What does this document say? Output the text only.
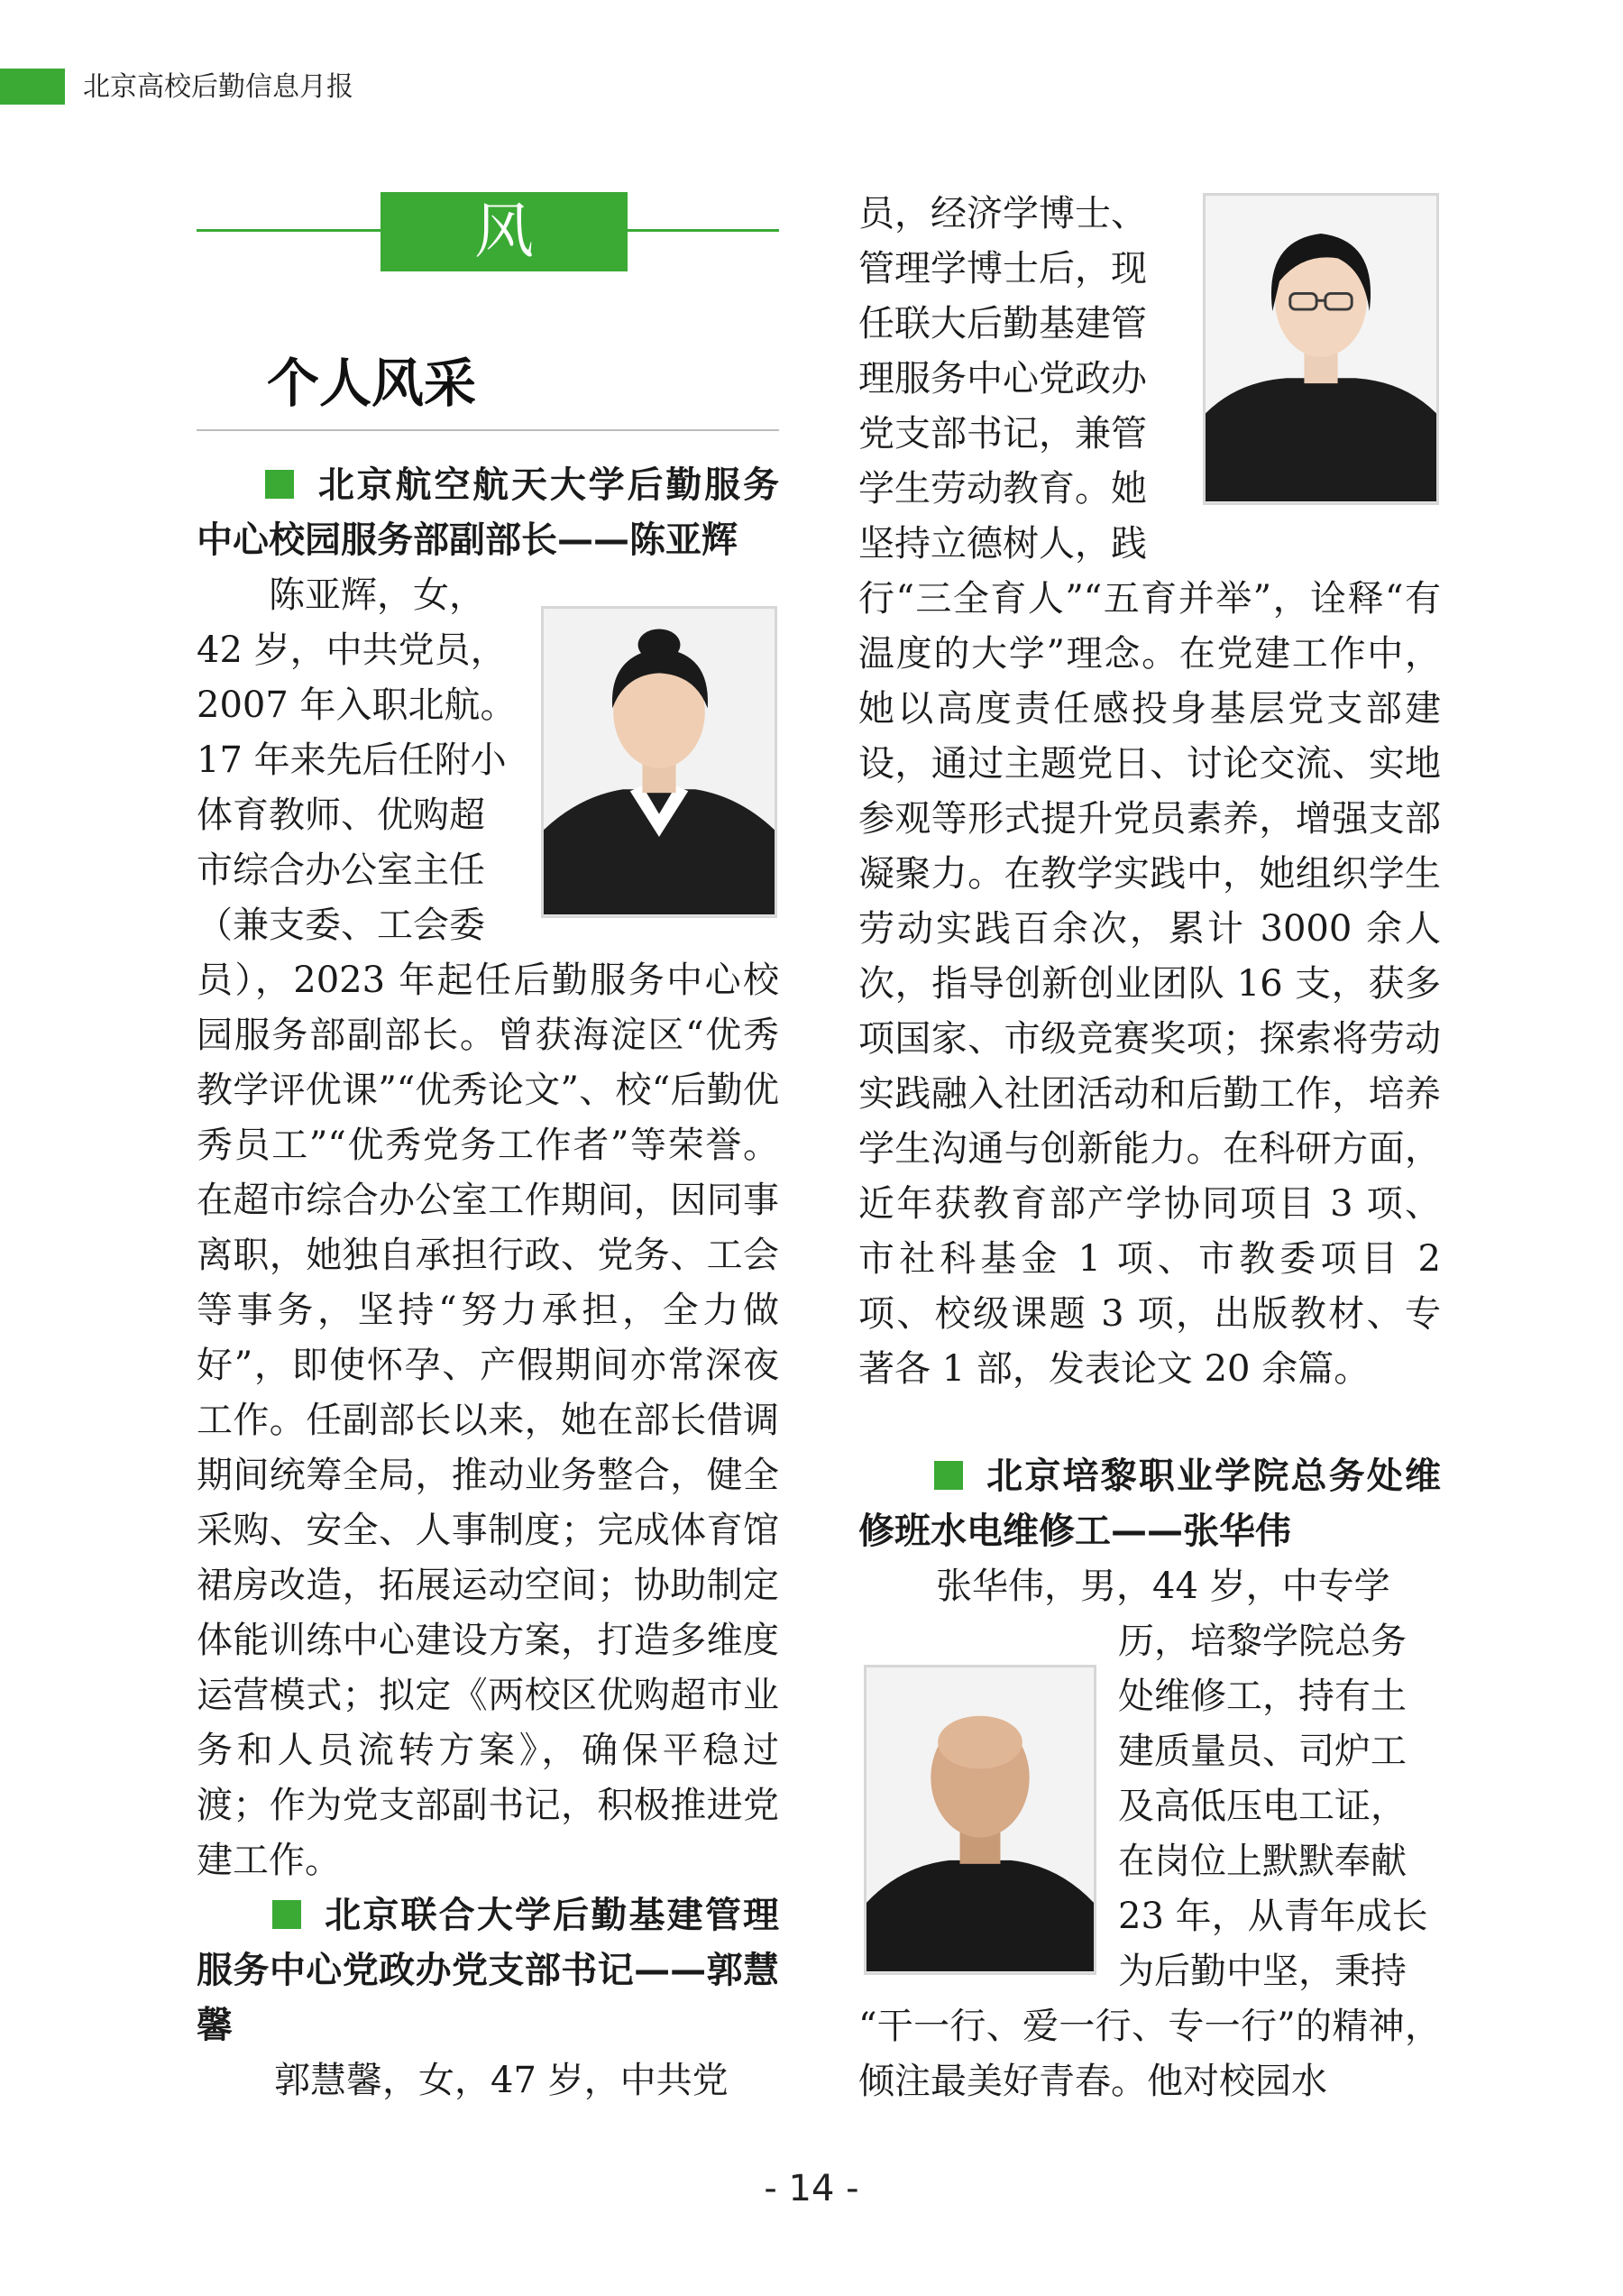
北京高校后勤信息月报
风 采
个人风采

北京航空航天大学后勤服务中心校园服务部副部长——陈亚辉

陈亚辉，女，
42 岁，中共党员，
2007 年入职北航。
17 年来先后任附小
体育教师、优购超
市综合办公室主任
（兼支委、工会委

员），2023 年起任后勤服务中心校园服务部副部长。曾获海淀区“优秀教学评优课”“优秀论文”、校“后勤优秀员工”“优秀党务工作者”等荣誉。在超市综合办公室工作期间，因同事离职，她独自承担行政、党务、工会等事务，坚持“努力承担，全力做好”，即使怀孕、产假期间亦常深夜工作。任副部长以来，她在部长借调期间统筹全局，推动业务整合，健全采购、安全、人事制度；完成体育馆裙房改造，拓展运动空间；协助制定体能训练中心建设方案，打造多维度运营模式；拟定《两校区优购超市业务和人员流转方案》，确保平稳过渡；作为党支部副书记，积极推进党建工作。

北京联合大学后勤基建管理服务中心党政办党支部书记——郭慧馨

郭慧馨，女，47 岁，中共党

员，经济学博士、
管理学博士后，现
任联大后勤基建管
理服务中心党政办
党支部书记，兼管
学生劳动教育。她
坚持立德树人，践

行“三全育人”“五育并举”，诠释“有温度的大学”理念。在党建工作中，她以高度责任感投身基层党支部建设，通过主题党日、讨论交流、实地参观等形式提升党员素养，增强支部凝聚力。在教学实践中，她组织学生劳动实践百余次，累计 3000 余人次，指导创新创业团队 16 支，获多项国家、市级竞赛奖项；探索将劳动实践融入社团活动和后勤工作，培养学生沟通与创新能力。在科研方面，近年获教育部产学协同项目 3 项、市社科基金 1 项、市教委项目 2 项、校级课题 3 项，出版教材、专著各 1 部，发表论文 20 余篇。

北京培黎职业学院总务处维修班水电维修工——张华伟

张华伟，男，44 岁，中专学

历，培黎学院总务
处维修工，持有土
建质量员、司炉工
及高低压电工证，
在岗位上默默奉献
23 年，从青年成长
为后勤中坚，秉持

“干一行、爱一行、专一行”的精神，倾注最美好青春。他对校园水

- 14 -
